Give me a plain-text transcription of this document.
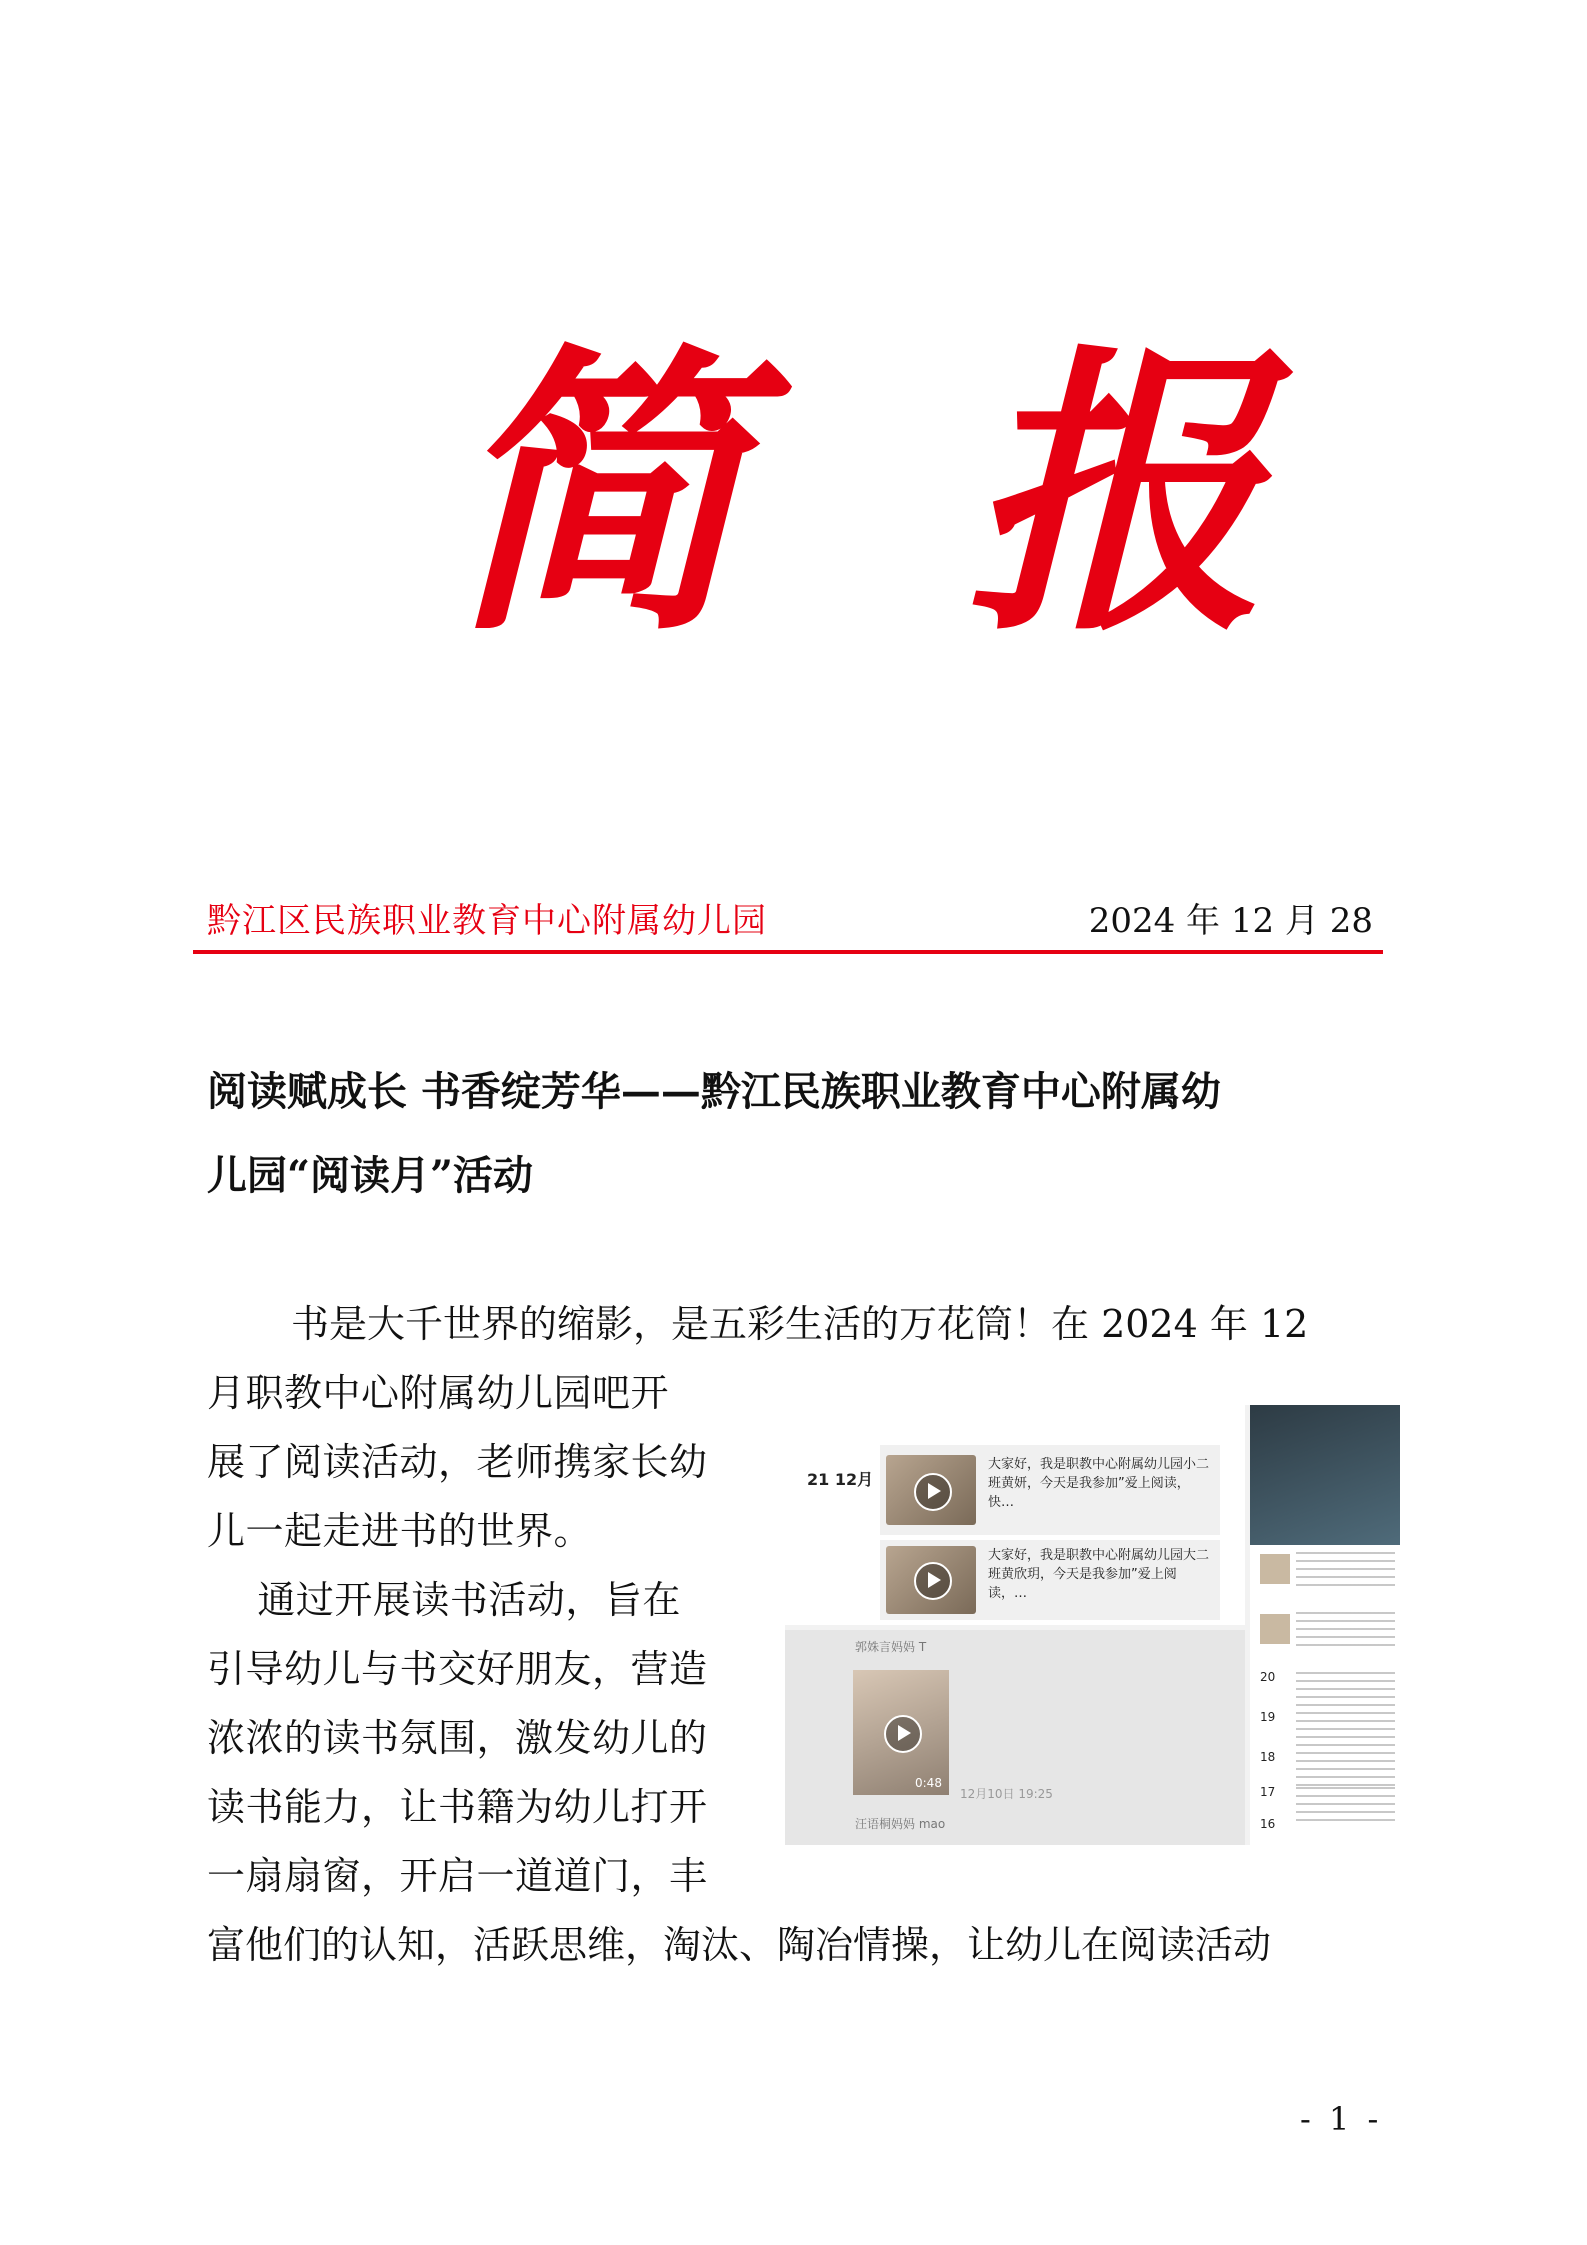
简 报
黔江区民族职业教育中心附属幼儿园	2024 年 12 月 28
阅读赋成长 书香绽芳华——黔江民族职业教育中心附属幼
儿园“阅读月”活动
书是大千世界的缩影，是五彩生活的万花筒！在 2024 年 12
月职教中心附属幼儿园吧开
展了阅读活动，老师携家长幼
儿一起走进书的世界。
通过开展读书活动，旨在
引导幼儿与书交好朋友，营造
浓浓的读书氛围，激发幼儿的
读书能力，让书籍为幼儿打开
一扇扇窗，开启一道道门，丰
21 12月
大家好，我是职教中心附属幼儿园小二班黄妍，今天是我参加”爱上阅读，快…
大家好，我是职教中心附属幼儿园大二班黄欣玥，今天是我参加”爱上阅读，…
郭姝言妈妈 T
0:48
12月10日 19:25
汪语桐妈妈 mao
20
19
18
17
16
富他们的认知，活跃思维，淘汰、陶冶情操，让幼儿在阅读活动
- 1 -
